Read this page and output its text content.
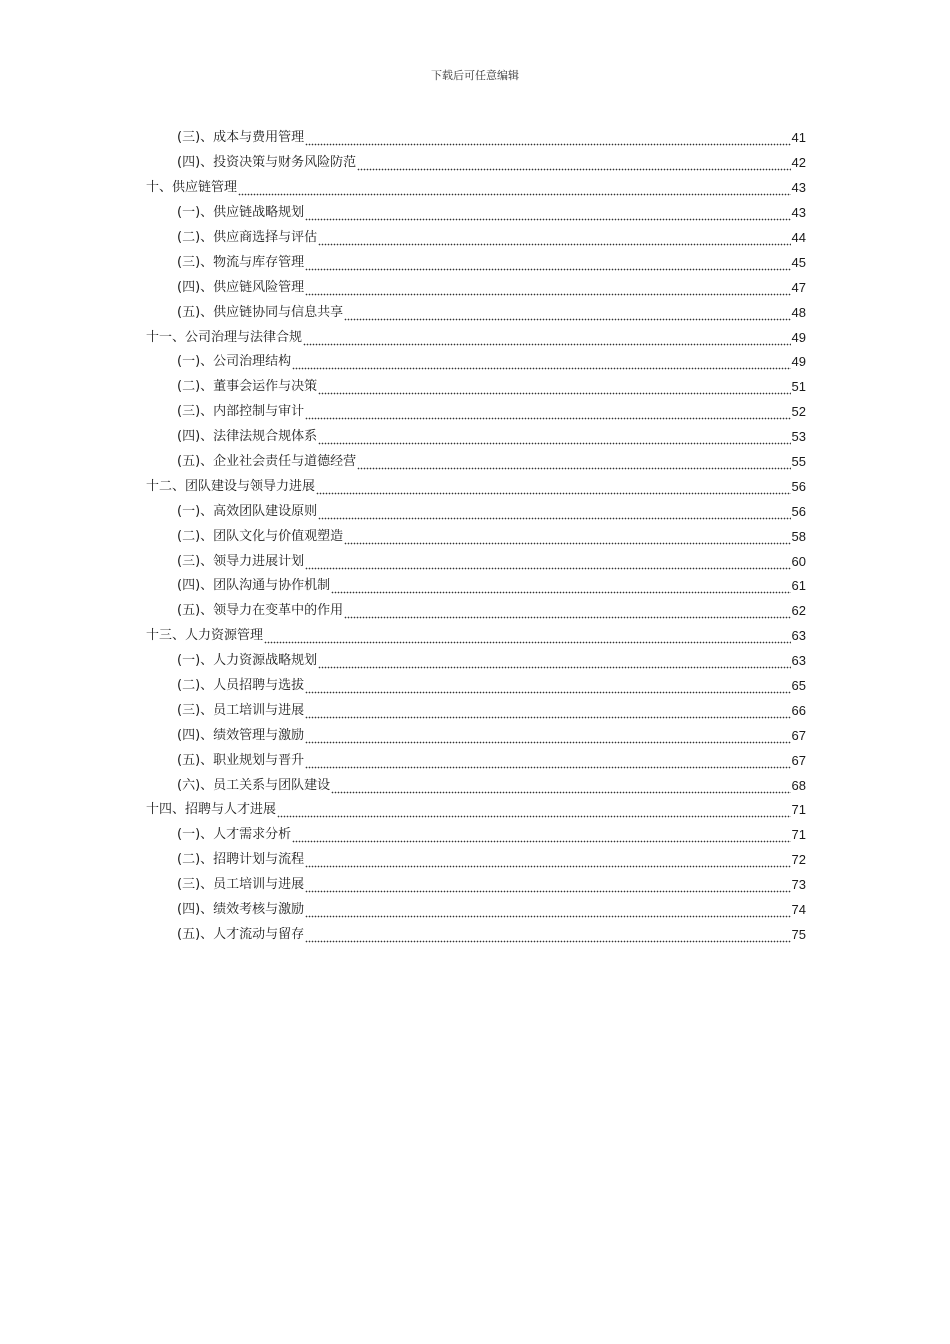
下载后可任意编辑
(三)、成本与费用管理	41
(四)、投资决策与财务风险防范	42
十、供应链管理	43
(一)、供应链战略规划	43
(二)、供应商选择与评估	44
(三)、物流与库存管理	45
(四)、供应链风险管理	47
(五)、供应链协同与信息共享	48
十一、公司治理与法律合规	49
(一)、公司治理结构	49
(二)、董事会运作与决策	51
(三)、内部控制与审计	52
(四)、法律法规合规体系	53
(五)、企业社会责任与道德经营	55
十二、团队建设与领导力进展	56
(一)、高效团队建设原则	56
(二)、团队文化与价值观塑造	58
(三)、领导力进展计划	60
(四)、团队沟通与协作机制	61
(五)、领导力在变革中的作用	62
十三、人力资源管理	63
(一)、人力资源战略规划	63
(二)、人员招聘与选拔	65
(三)、员工培训与进展	66
(四)、绩效管理与激励	67
(五)、职业规划与晋升	67
(六)、员工关系与团队建设	68
十四、招聘与人才进展	71
(一)、人才需求分析	71
(二)、招聘计划与流程	72
(三)、员工培训与进展	73
(四)、绩效考核与激励	74
(五)、人才流动与留存	75
